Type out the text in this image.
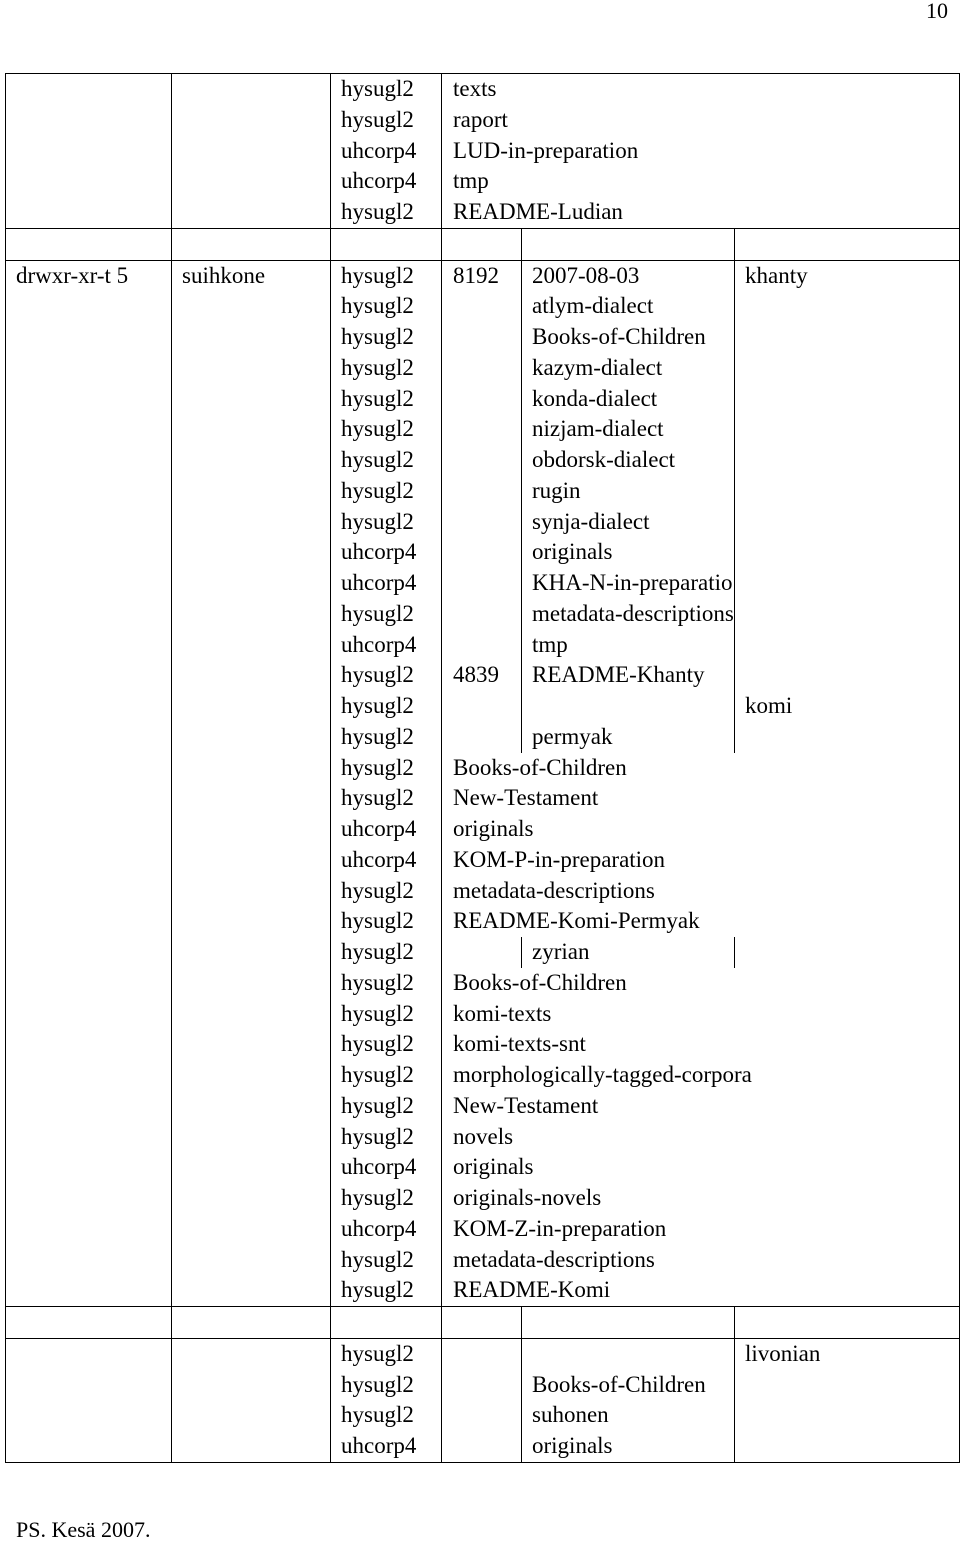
10
		hysugl2	texts		
		hysugl2	raport		
		uhcorp4	LUD-in-preparation		
		uhcorp4	tmp		
		hysugl2	README-Ludian		

drwxr-xr-t 5	suihkone	hysugl2	8192	2007-08-03	khanty
		hysugl2		atlym-dialect	
		hysugl2		Books-of-Children	
		hysugl2		kazym-dialect	
		hysugl2		konda-dialect	
		hysugl2		nizjam-dialect	
		hysugl2		obdorsk-dialect	
		hysugl2		rugin	
		hysugl2		synja-dialect	
		uhcorp4		originals	
		uhcorp4		KHA-N-in-preparatio	
		hysugl2		metadata-descriptions	
		uhcorp4		tmp	
		hysugl2	4839	README-Khanty	
		hysugl2			komi
		hysugl2		permyak	
		hysugl2	Books-of-Children		
		hysugl2	New-Testament		
		uhcorp4	originals		
		uhcorp4	KOM-P-in-preparation		
		hysugl2	metadata-descriptions		
		hysugl2	README-Komi-Permyak		
		hysugl2		zyrian	
		hysugl2	Books-of-Children		
		hysugl2	komi-texts		
		hysugl2	komi-texts-snt		
		hysugl2	morphologically-tagged-corpora		
		hysugl2	New-Testament		
		hysugl2	novels		
		uhcorp4	originals		
		hysugl2	originals-novels		
		uhcorp4	KOM-Z-in-preparation		
		hysugl2	metadata-descriptions		
		hysugl2	README-Komi		

		hysugl2			livonian
		hysugl2		Books-of-Children	
		hysugl2		suhonen	
		uhcorp4		originals	
PS. Kesä 2007.
